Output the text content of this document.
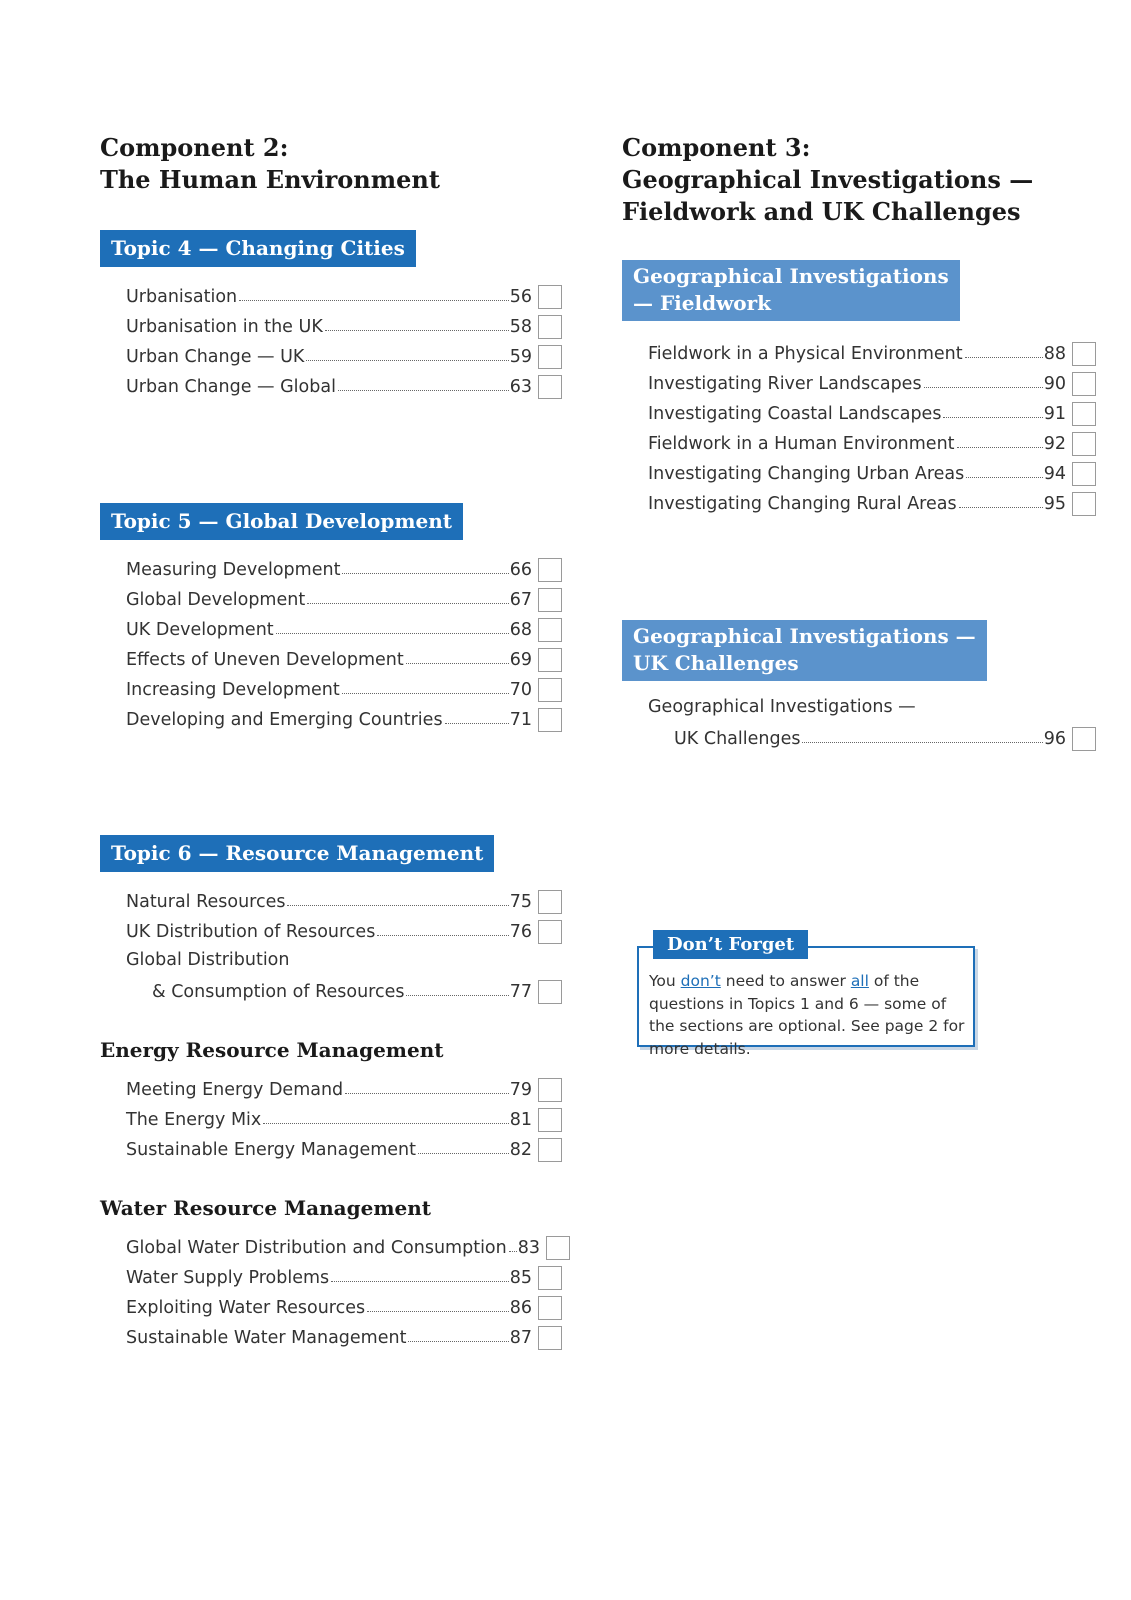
Component 2:
The Human Environment
Topic 4 — Changing Cities
Urbanisation	56
Urbanisation in the UK	58
Urban Change — UK	59
Urban Change — Global	63
Topic 5 — Global Development
Measuring Development	66
Global Development	67
UK Development	68
Effects of Uneven Development	69
Increasing Development	70
Developing and Emerging Countries	71
Topic 6 — Resource Management
Natural Resources	75
UK Distribution of Resources	76
Global Distribution
& Consumption of Resources	77
Energy Resource Management
Meeting Energy Demand	79
The Energy Mix	81
Sustainable Energy Management	82
Water Resource Management
Global Water Distribution and Consumption 83
Water Supply Problems	85
Exploiting Water Resources	86
Sustainable Water Management	87
Component 3:
Geographical Investigations —
Fieldwork and UK Challenges
Geographical Investigations
— Fieldwork
Fieldwork in a Physical Environment	88
Investigating River Landscapes	90
Investigating Coastal Landscapes	91
Fieldwork in a Human Environment	92
Investigating Changing Urban Areas	94
Investigating Changing Rural Areas	95
Geographical Investigations —
UK Challenges
Geographical Investigations —
UK Challenges	96
Don’t Forget
You don’t need to answer all of the questions in Topics 1 and 6 — some of the sections are optional. See page 2 for more details.
